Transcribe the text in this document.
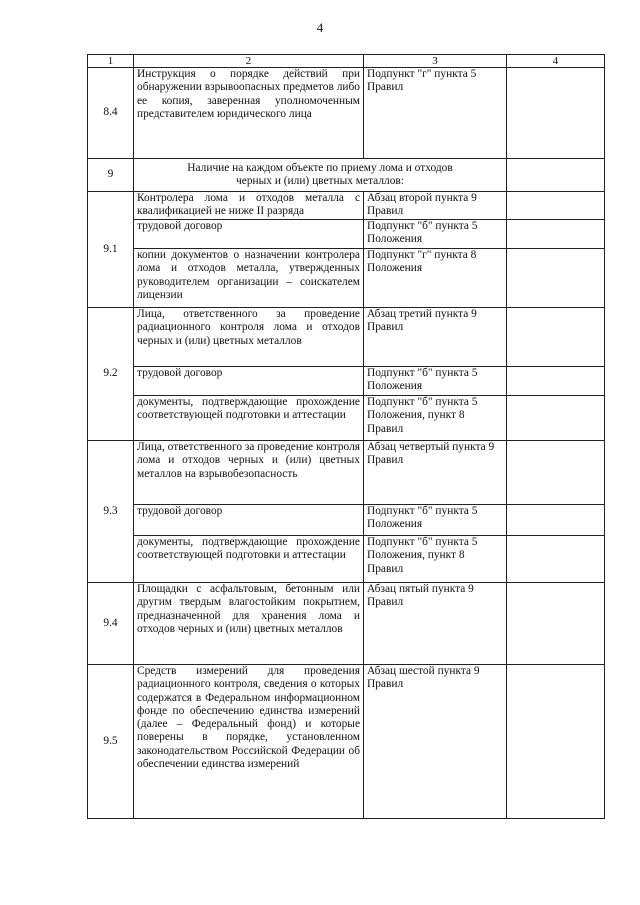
4
1	2	3	4
8.4	Инструкция о порядке действий при обнаружении взрывоопасных предметов либо ее копия, заверенная уполномоченным представителем юридического лица	Подпункт "г" пункта 5 Правил	
9	Наличие на каждом объекте по приему лома и отходов
черных и (или) цветных металлов:		

9.1	Контролера лома и отходов металла с квалификацией не ниже II разряда	Абзац второй пункта 9 Правил	
	трудовой договор	Подпункт "б" пункта 5 Положения	
	копии документов о назначении контролера лома и отходов металла, утвержденных руководителем организации – соискателем лицензии	Подпункт "г" пункта 8 Положения	
9.2	Лица, ответственного за проведение радиационного контроля лома и отходов черных и (или) цветных металлов	Абзац третий пункта 9 Правил	
	трудовой договор	Подпункт "б" пункта 5 Положения	
	документы, подтверждающие прохождение соответствующей подготовки и аттестации	Подпункт "б" пункта 5 Положения, пункт 8 Правил	
9.3	Лица, ответственного за проведение контроля лома и отходов черных и (или) цветных металлов на взрывобезопасность	Абзац четвертый пункта 9 Правил	
	трудовой договор	Подпункт "б" пункта 5 Положения	
	документы, подтверждающие прохождение соответствующей подготовки и аттестации	Подпункт "б" пункта 5 Положения, пункт 8 Правил	
9.4	Площадки с асфальтовым, бетонным или другим твердым влагостойким покрытием, предназначенной для хранения лома и отходов черных и (или) цветных металлов	Абзац пятый пункта 9 Правил	
9.5	Средств измерений для проведения радиационного контроля, сведения о которых содержатся в Федеральном информационном фонде по обеспечению единства измерений (далее – Федеральный фонд) и которые поверены в порядке, установленном законодательством Российской Федерации об обеспечении единства измерений	Абзац шестой пункта 9 Правил	
